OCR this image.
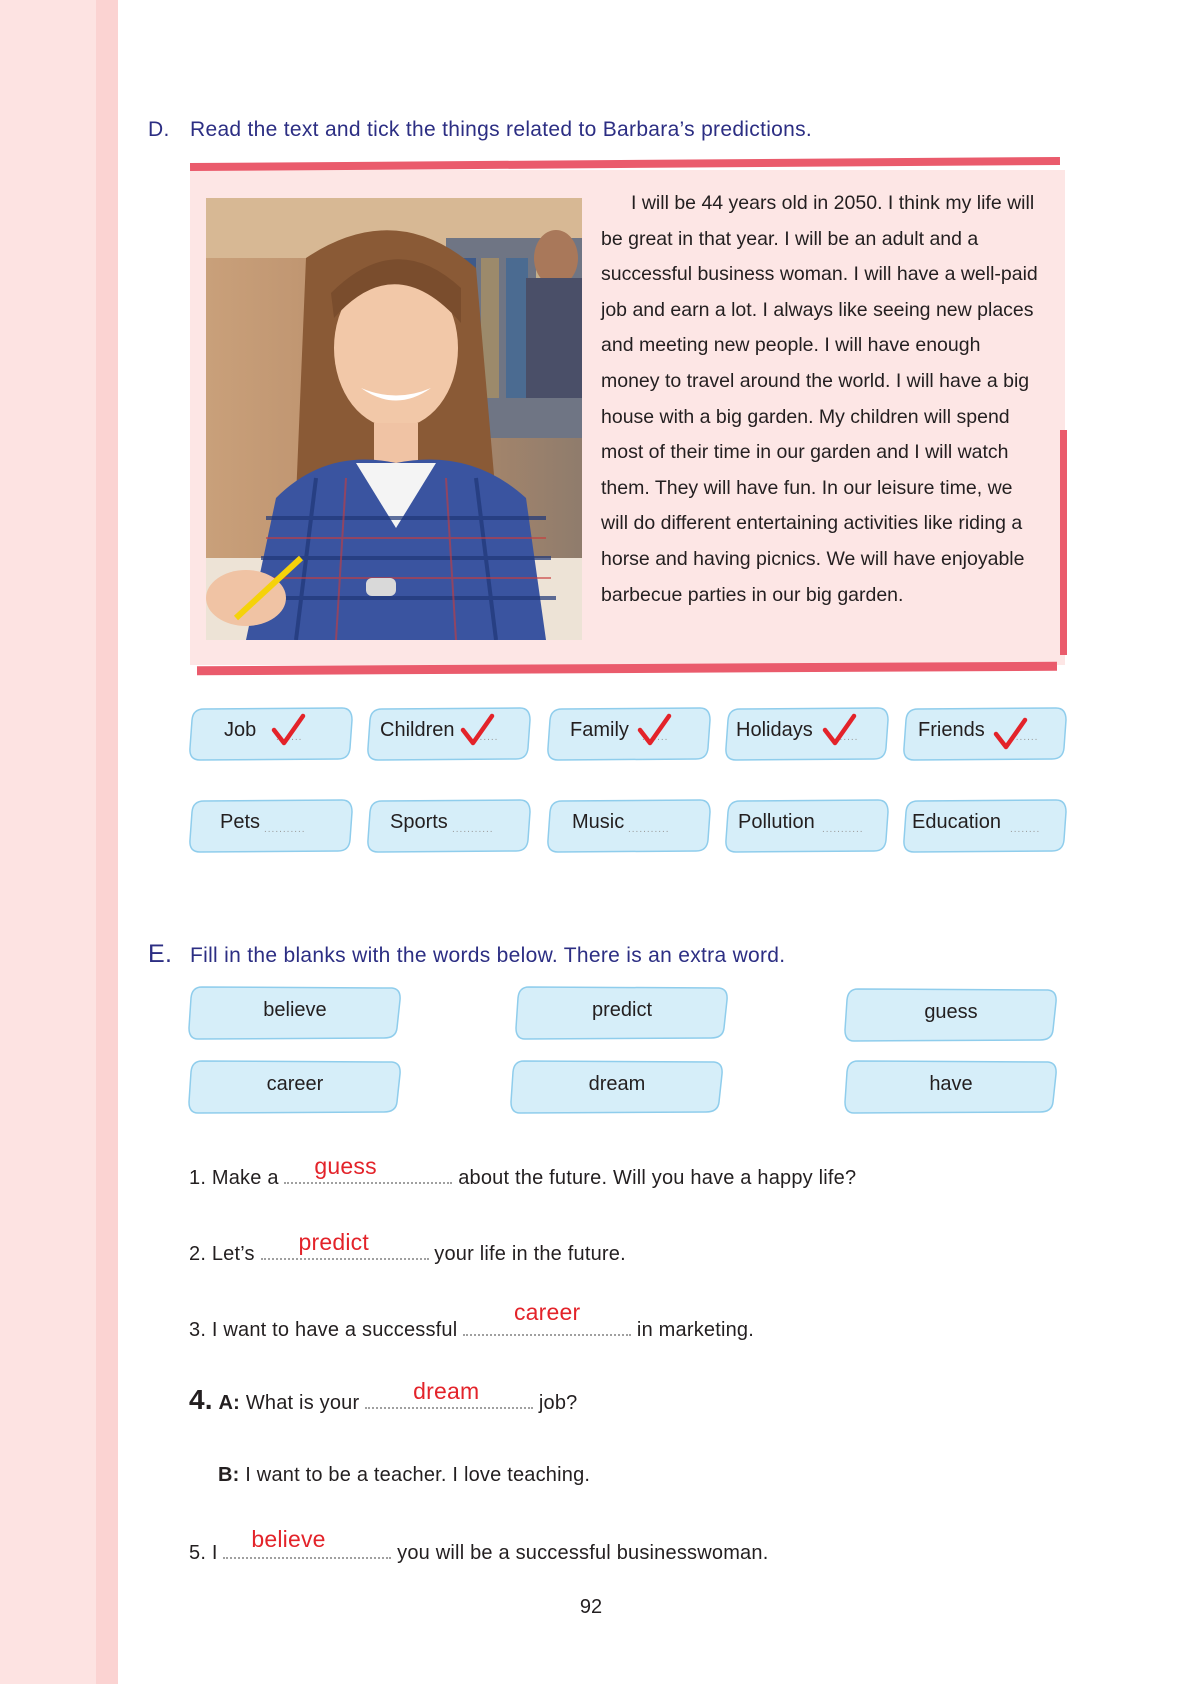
D. Read the text and tick the things related to Barbara’s predictions.
I will be 44 years old in 2050. I think my life will be great in that year. I will be an adult and a successful business woman. I will have a well-paid job and earn a lot. I always like seeing new places and meeting new people. I will have enough money to travel around the world. I will have a big house with a big garden. My children will spend most of their time in our garden and I will watch them. They will have fun. In our leisure time, we will do different entertaining activities like riding a horse and having picnics. We will have enjoyable barbecue parties in our big garden.
Job .......	Children .......	Family .......	Holidays .......	Friends	.......
Pets ...........	Sports ...........	Music ...........	Pollution ........... Education ........
E. Fill in the blanks with the words below. There is an extra word.
believe	predict	guess
career	dream	have
1. Make a guess	about the future. Will you have a happy life?
2. Let’s predict	your life in the future.
3. I want to have a successful
career
in marketing.
4. A: What is your dream	job?
B: I want to be a teacher. I love teaching.
5. I
believe
you will be a successful businesswoman.
92
